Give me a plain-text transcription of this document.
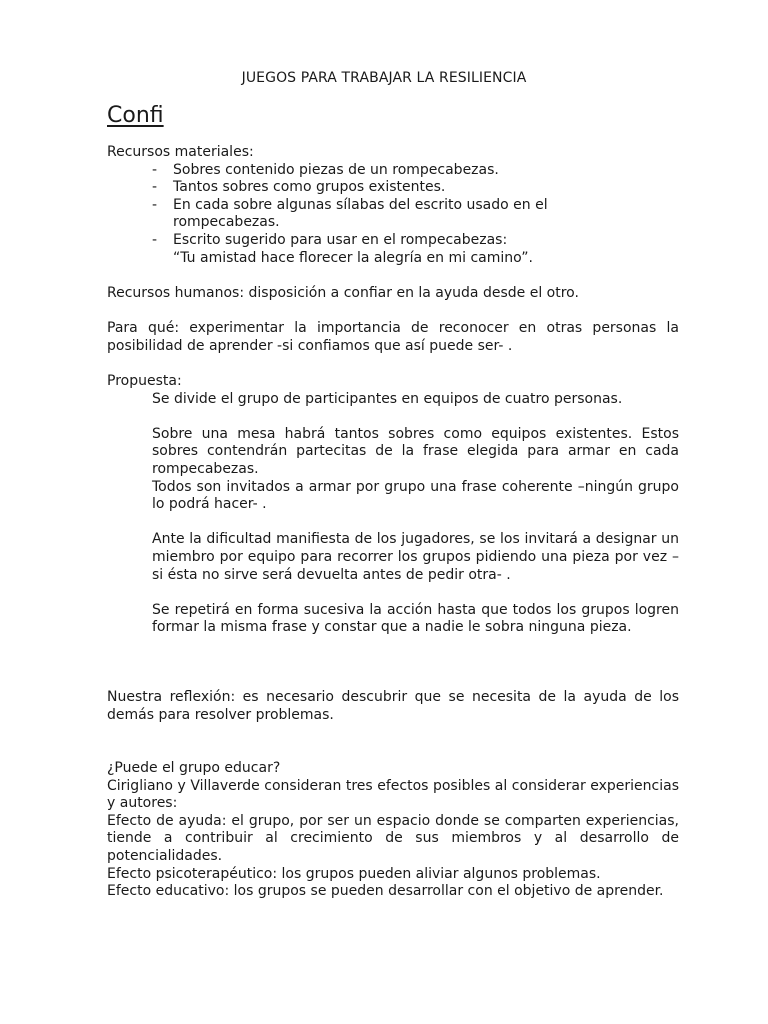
JUEGOS PARA TRABAJAR LA RESILIENCIA
Confi

Recursos materiales:

- Sobres contenido piezas de un rompecabezas.
- Tantos sobres como grupos existentes.
- En cada sobre algunas sílabas del escrito usado en el rompecabezas.
- Escrito sugerido para usar en el rompecabezas:
“Tu amistad hace florecer la alegría en mi camino”.

Recursos humanos: disposición a confiar en la ayuda desde el otro.

Para qué: experimentar la importancia de reconocer en otras personas la posibilidad de aprender -si confiamos que así puede ser- .

Propuesta:

Se divide el grupo de participantes en equipos de cuatro personas.

Sobre una mesa habrá tantos sobres como equipos existentes. Estos sobres contendrán partecitas de la frase elegida para armar en cada rompecabezas.

Todos son invitados a armar por grupo una frase coherente –ningún grupo lo podrá hacer- .

Ante la dificultad manifiesta de los jugadores, se los invitará a designar un miembro por equipo para recorrer los grupos pidiendo una pieza por vez –si ésta no sirve será devuelta antes de pedir otra- .

Se repetirá en forma sucesiva la acción hasta que todos los grupos logren formar la misma frase y constar que a nadie le sobra ninguna pieza.

Nuestra reflexión: es necesario descubrir que se necesita de la ayuda de los demás para resolver problemas.

¿Puede el grupo educar?

Cirigliano y Villaverde consideran tres efectos posibles al considerar experiencias y autores:

Efecto de ayuda: el grupo, por ser un espacio donde se comparten experiencias, tiende a contribuir al crecimiento de sus miembros y al desarrollo de potencialidades.

Efecto psicoterapéutico: los grupos pueden aliviar algunos problemas.

Efecto educativo: los grupos se pueden desarrollar con el objetivo de aprender.
